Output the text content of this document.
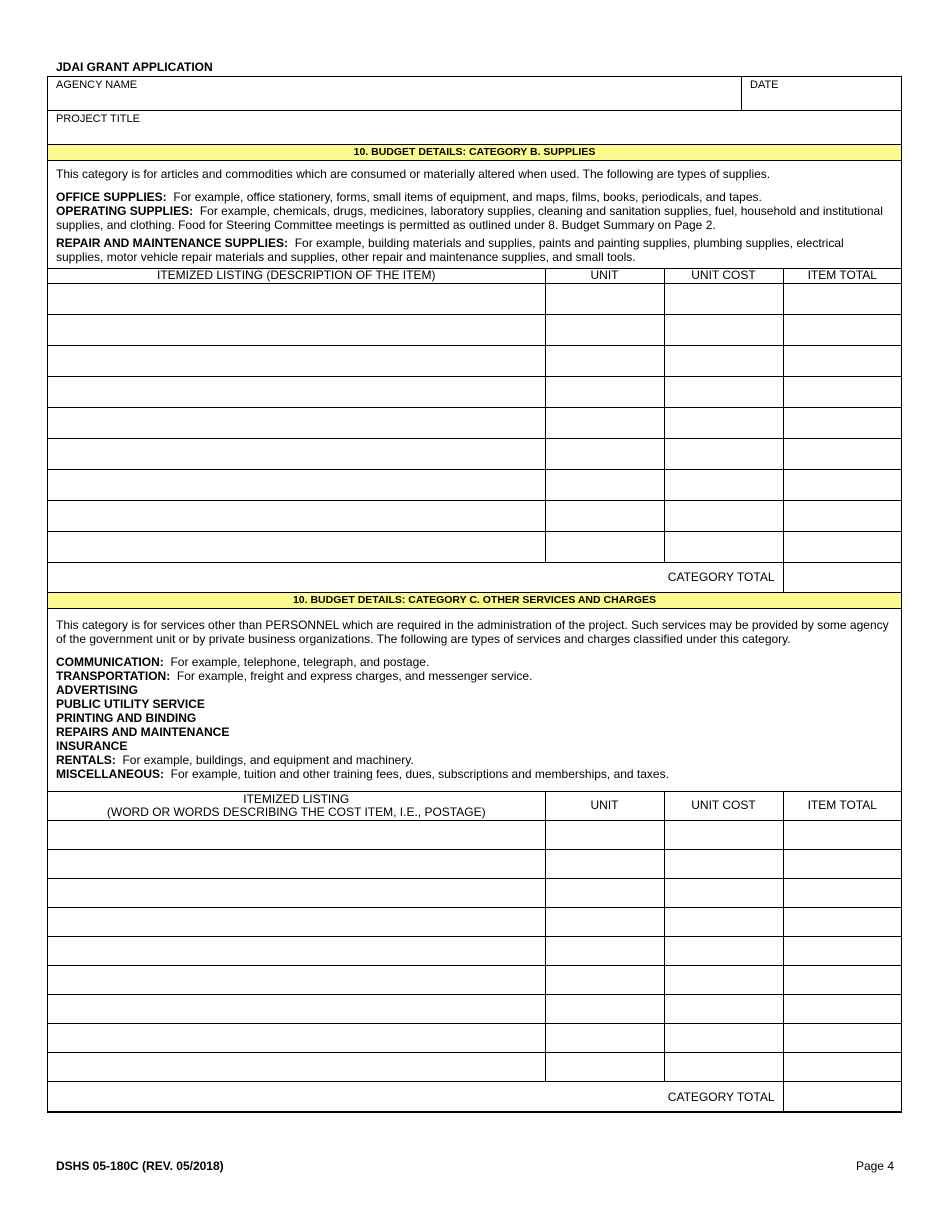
JDAI GRANT APPLICATION
AGENCY NAME	DATE
PROJECT TITLE
10. BUDGET DETAILS: CATEGORY B. SUPPLIES

This category is for articles and commodities which are consumed or materially altered when used. The following are types of supplies.

OFFICE SUPPLIES: For example, office stationery, forms, small items of equipment, and maps, films, books, periodicals, and tapes.

OPERATING SUPPLIES: For example, chemicals, drugs, medicines, laboratory supplies, cleaning and sanitation supplies, fuel, household and institutional supplies, and clothing. Food for Steering Committee meetings is permitted as outlined under 8. Budget Summary on Page 2.

REPAIR AND MAINTENANCE SUPPLIES: For example, building materials and supplies, paints and painting supplies, plumbing supplies, electrical supplies, motor vehicle repair materials and supplies, other repair and maintenance supplies, and small tools.

ITEMIZED LISTING (DESCRIPTION OF THE ITEM)	UNIT	UNIT COST	ITEM TOTAL

CATEGORY TOTAL			
10. BUDGET DETAILS: CATEGORY C. OTHER SERVICES AND CHARGES

This category is for services other than PERSONNEL which are required in the administration of the project. Such services may be provided by some agency of the government unit or by private business organizations. The following are types of services and charges classified under this category.

COMMUNICATION: For example, telephone, telegraph, and postage.

TRANSPORTATION: For example, freight and express charges, and messenger service.

ADVERTISING

PUBLIC UTILITY SERVICE

PRINTING AND BINDING

REPAIRS AND MAINTENANCE

INSURANCE

RENTALS: For example, buildings, and equipment and machinery.

MISCELLANEOUS: For example, tuition and other training fees, dues, subscriptions and memberships, and taxes.

ITEMIZED LISTING
(WORD OR WORDS DESCRIBING THE COST ITEM, I.E., POSTAGE)	UNIT	UNIT COST	ITEM TOTAL

CATEGORY TOTAL			
DSHS 05-180C (REV. 05/2018)	Page 4
